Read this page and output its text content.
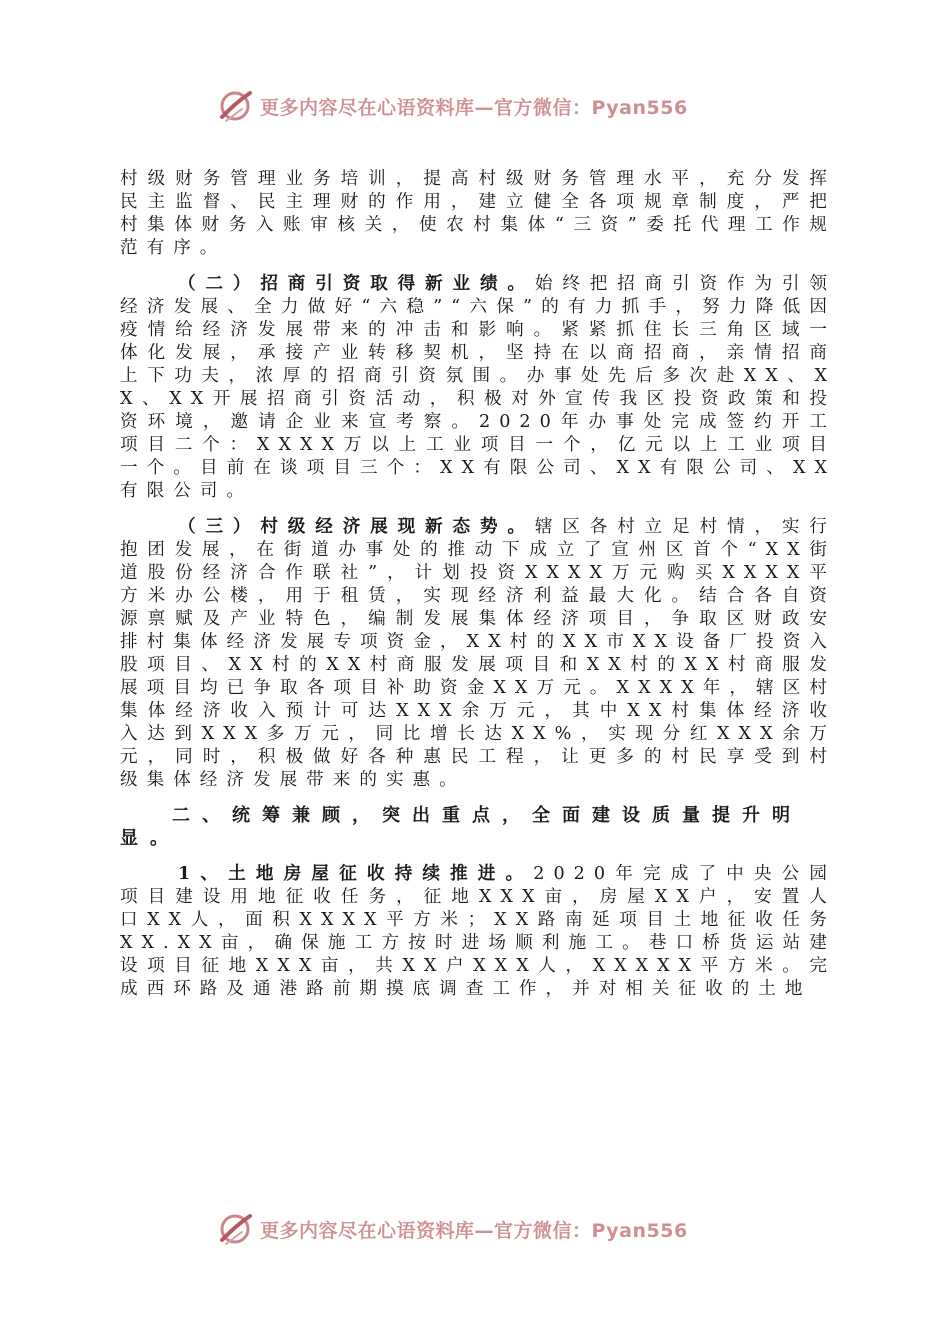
更多内容尽在心语资料库—官方微信：Pyan556

村级财务管理业务培训，提高村级财务管理水平，充分发挥民主监督、民主理财的作用，建立健全各项规章制度，严把村集体财务入账审核关，使农村集体“三资”委托代理工作规范有序。

（二）招商引资取得新业绩。始终把招商引资作为引领经济发展、全力做好“六稳”“六保”的有力抓手，努力降低因疫情给经济发展带来的冲击和影响。紧紧抓住长三角区域一体化发展，承接产业转移契机，坚持在以商招商，亲情招商上下功夫，浓厚的招商引资氛围。办事处先后多次赴XX、XX、XX开展招商引资活动，积极对外宣传我区投资政策和投资环境，邀请企业来宣考察。2020年办事处完成签约开工项目二个：XXXX万以上工业项目一个，亿元以上工业项目一个。目前在谈项目三个：XX有限公司、XX有限公司、XX有限公司。

（三）村级经济展现新态势。辖区各村立足村情，实行抱团发展，在街道办事处的推动下成立了宣州区首个“XX街道股份经济合作联社”，计划投资XXXX万元购买XXXX平方米办公楼，用于租赁，实现经济利益最大化。结合各自资源禀赋及产业特色，编制发展集体经济项目，争取区财政安排村集体经济发展专项资金，XX村的XX市XX设备厂投资入股项目、XX村的XX村商服发展项目和XX村的XX村商服发展项目均已争取各项目补助资金XX万元。XXXX年，辖区村集体经济收入预计可达XXX余万元，其中XX村集体经济收入达到XXX多万元，同比增长达XX%，实现分红XXX余万元，同时，积极做好各种惠民工程，让更多的村民享受到村级集体经济发展带来的实惠。

二、统筹兼顾，突出重点，全面建设质量提升明显。

1、土地房屋征收持续推进。2020年完成了中央公园项目建设用地征收任务，征地XXX亩，房屋XX户，安置人口XX人，面积XXXX平方米；XX路南延项目土地征收任务XX.XX亩，确保施工方按时进场顺利施工。巷口桥货运站建设项目征地XXX亩，共XX户XXX人，XXXXX平方米。完成西环路及通港路前期摸底调查工作，并对相关征收的土地

更多内容尽在心语资料库—官方微信：Pyan556
